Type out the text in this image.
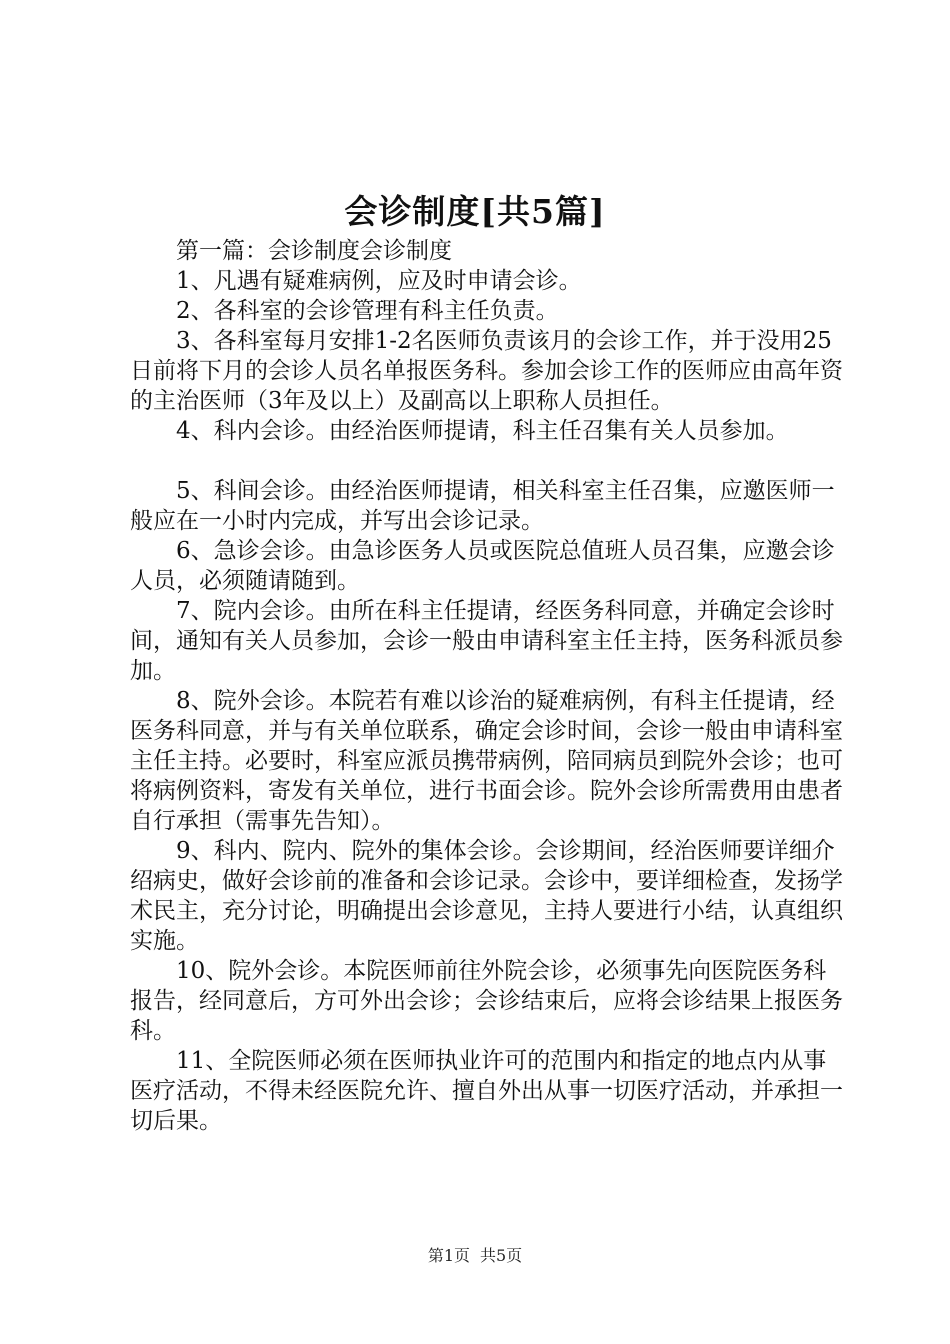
会诊制度[共5篇]

第一篇：会诊制度会诊制度

1、凡遇有疑难病例，应及时申请会诊。

2、各科室的会诊管理有科主任负责。

3、各科室每月安排1-2名医师负责该月的会诊工作，并于没用25日前将下月的会诊人员名单报医务科。参加会诊工作的医师应由高年资的主治医师（3年及以上）及副高以上职称人员担任。

4、科内会诊。由经治医师提请，科主任召集有关人员参加。

5、科间会诊。由经治医师提请，相关科室主任召集，应邀医师一般应在一小时内完成，并写出会诊记录。

6、急诊会诊。由急诊医务人员或医院总值班人员召集，应邀会诊人员，必须随请随到。

7、院内会诊。由所在科主任提请，经医务科同意，并确定会诊时间，通知有关人员参加，会诊一般由申请科室主任主持，医务科派员参加。

8、院外会诊。本院若有难以诊治的疑难病例，有科主任提请，经医务科同意，并与有关单位联系，确定会诊时间，会诊一般由申请科室主任主持。必要时，科室应派员携带病例，陪同病员到院外会诊；也可将病例资料，寄发有关单位，进行书面会诊。院外会诊所需费用由患者自行承担（需事先告知）。

9、科内、院内、院外的集体会诊。会诊期间，经治医师要详细介绍病史，做好会诊前的准备和会诊记录。会诊中，要详细检查，发扬学术民主，充分讨论，明确提出会诊意见，主持人要进行小结，认真组织实施。

10、院外会诊。本院医师前往外院会诊，必须事先向医院医务科报告，经同意后，方可外出会诊；会诊结束后，应将会诊结果上报医务科。

11、全院医师必须在医师执业许可的范围内和指定的地点内从事医疗活动，不得未经医院允许、擅自外出从事一切医疗活动，并承担一切后果。

第1页 共5页
